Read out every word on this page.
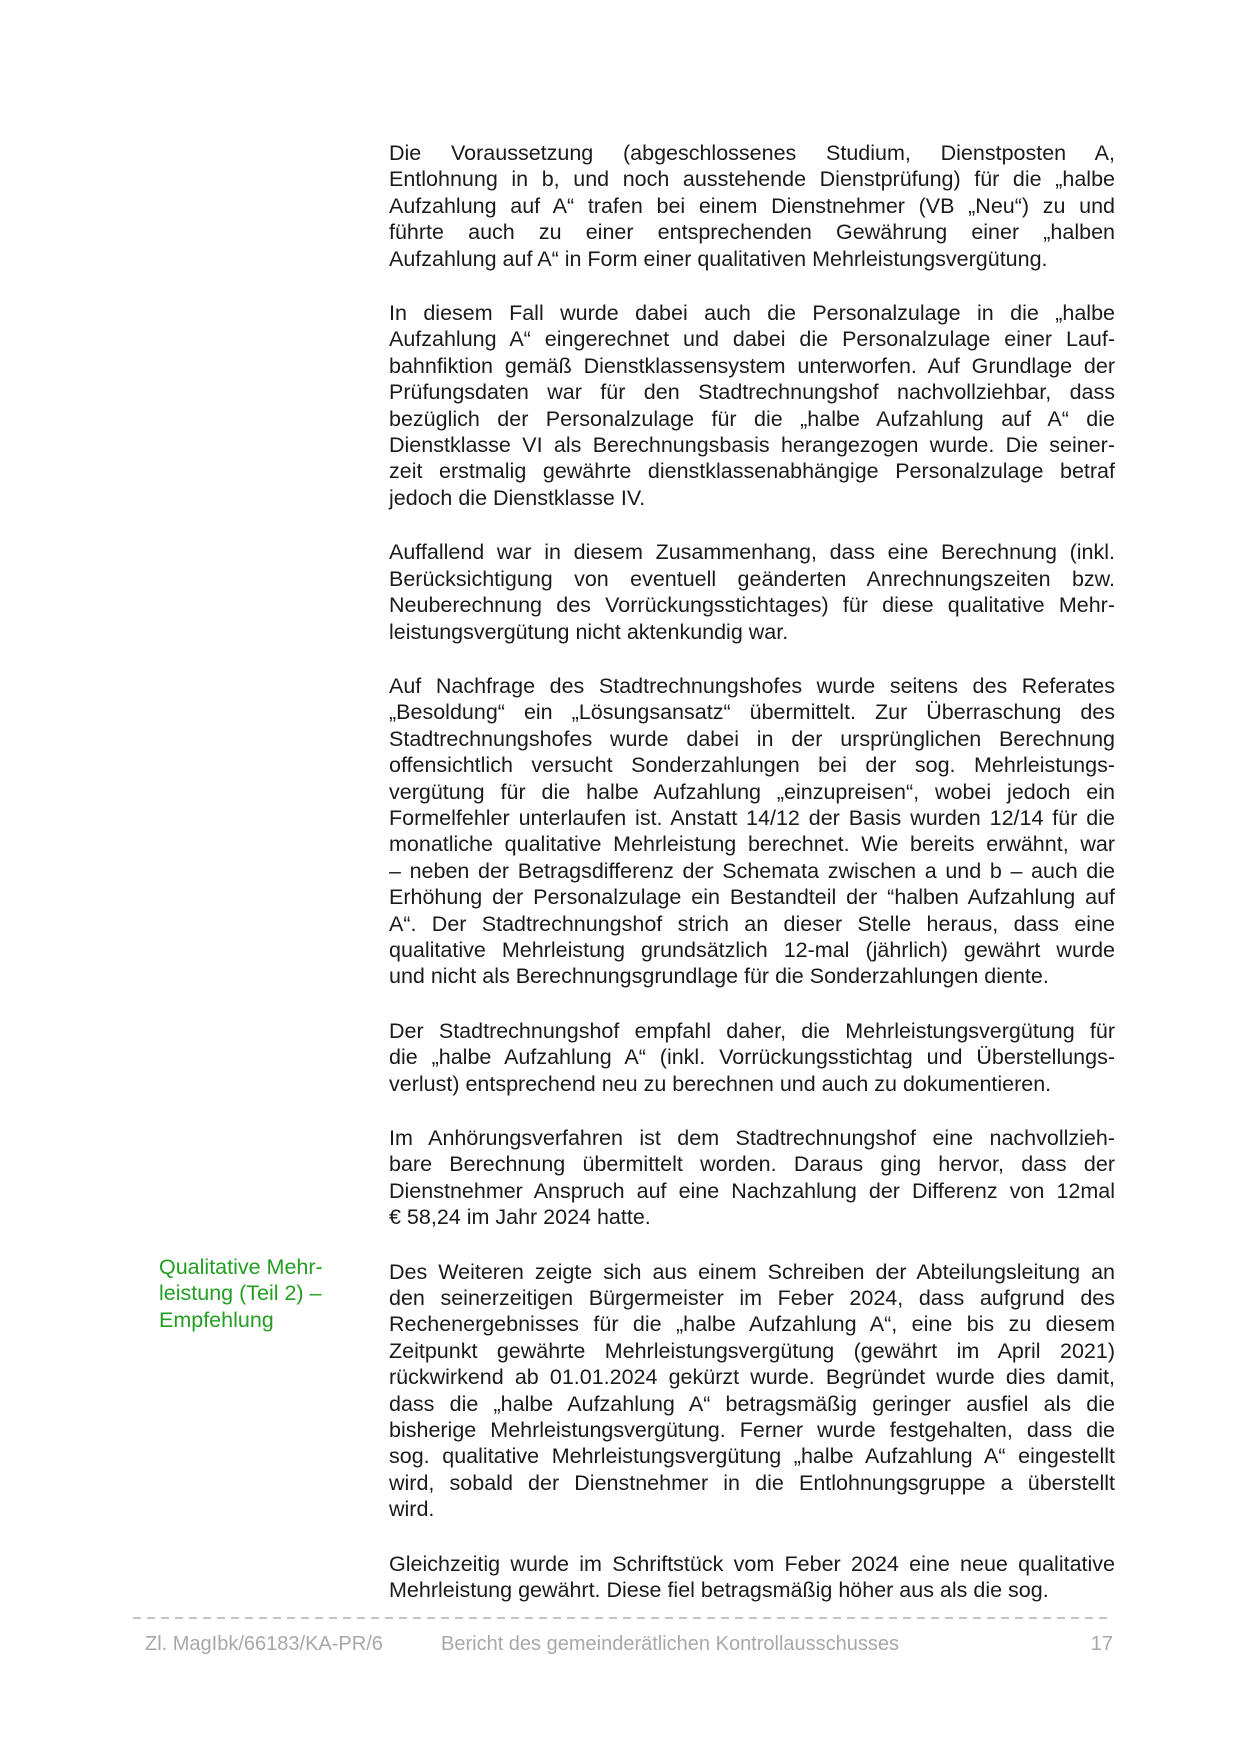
Qualitative Mehr-
leistung (Teil 2) –
Empfehlung
Die Voraussetzung (abgeschlossenes Studium, Dienstposten A,
Entlohnung in b, und noch ausstehende Dienstprüfung) für die „halbe
Aufzahlung auf A“ trafen bei einem Dienstnehmer (VB „Neu“) zu und
führte auch zu einer entsprechenden Gewährung einer „halben
Aufzahlung auf A“ in Form einer qualitativen Mehrleistungsvergütung.
In diesem Fall wurde dabei auch die Personalzulage in die „halbe
Aufzahlung A“ eingerechnet und dabei die Personalzulage einer Lauf-
bahnfiktion gemäß Dienstklassensystem unterworfen. Auf Grundlage der
Prüfungsdaten war für den Stadtrechnungshof nachvollziehbar, dass
bezüglich der Personalzulage für die „halbe Aufzahlung auf A“ die
Dienstklasse VI als Berechnungsbasis herangezogen wurde. Die seiner-
zeit erstmalig gewährte dienstklassenabhängige Personalzulage betraf
jedoch die Dienstklasse IV.
Auffallend war in diesem Zusammenhang, dass eine Berechnung (inkl.
Berücksichtigung von eventuell geänderten Anrechnungszeiten bzw.
Neuberechnung des Vorrückungsstichtages) für diese qualitative Mehr-
leistungsvergütung nicht aktenkundig war.
Auf Nachfrage des Stadtrechnungshofes wurde seitens des Referates
„Besoldung“ ein „Lösungsansatz“ übermittelt. Zur Überraschung des
Stadtrechnungshofes wurde dabei in der ursprünglichen Berechnung
offensichtlich versucht Sonderzahlungen bei der sog. Mehrleistungs-
vergütung für die halbe Aufzahlung „einzupreisen“, wobei jedoch ein
Formelfehler unterlaufen ist. Anstatt 14/12 der Basis wurden 12/14 für die
monatliche qualitative Mehrleistung berechnet. Wie bereits erwähnt, war
– neben der Betragsdifferenz der Schemata zwischen a und b – auch die
Erhöhung der Personalzulage ein Bestandteil der “halben Aufzahlung auf
A“. Der Stadtrechnungshof strich an dieser Stelle heraus, dass eine
qualitative Mehrleistung grundsätzlich 12-mal (jährlich) gewährt wurde
und nicht als Berechnungsgrundlage für die Sonderzahlungen diente.
Der Stadtrechnungshof empfahl daher, die Mehrleistungsvergütung für
die „halbe Aufzahlung A“ (inkl. Vorrückungsstichtag und Überstellungs-
verlust) entsprechend neu zu berechnen und auch zu dokumentieren.
Im Anhörungsverfahren ist dem Stadtrechnungshof eine nachvollzieh-
bare Berechnung übermittelt worden. Daraus ging hervor, dass der
Dienstnehmer Anspruch auf eine Nachzahlung der Differenz von 12mal
€ 58,24 im Jahr 2024 hatte.
Des Weiteren zeigte sich aus einem Schreiben der Abteilungsleitung an
den seinerzeitigen Bürgermeister im Feber 2024, dass aufgrund des
Rechenergebnisses für die „halbe Aufzahlung A“, eine bis zu diesem
Zeitpunkt gewährte Mehrleistungsvergütung (gewährt im April 2021)
rückwirkend ab 01.01.2024 gekürzt wurde. Begründet wurde dies damit,
dass die „halbe Aufzahlung A“ betragsmäßig geringer ausfiel als die
bisherige Mehrleistungsvergütung. Ferner wurde festgehalten, dass die
sog. qualitative Mehrleistungsvergütung „halbe Aufzahlung A“ eingestellt
wird, sobald der Dienstnehmer in die Entlohnungsgruppe a überstellt
wird.
Gleichzeitig wurde im Schriftstück vom Feber 2024 eine neue qualitative
Mehrleistung gewährt. Diese fiel betragsmäßig höher aus als die sog.
Zl. MagIbk/66183/KA-PR/6	Bericht des gemeinderätlichen Kontrollausschusses	17
